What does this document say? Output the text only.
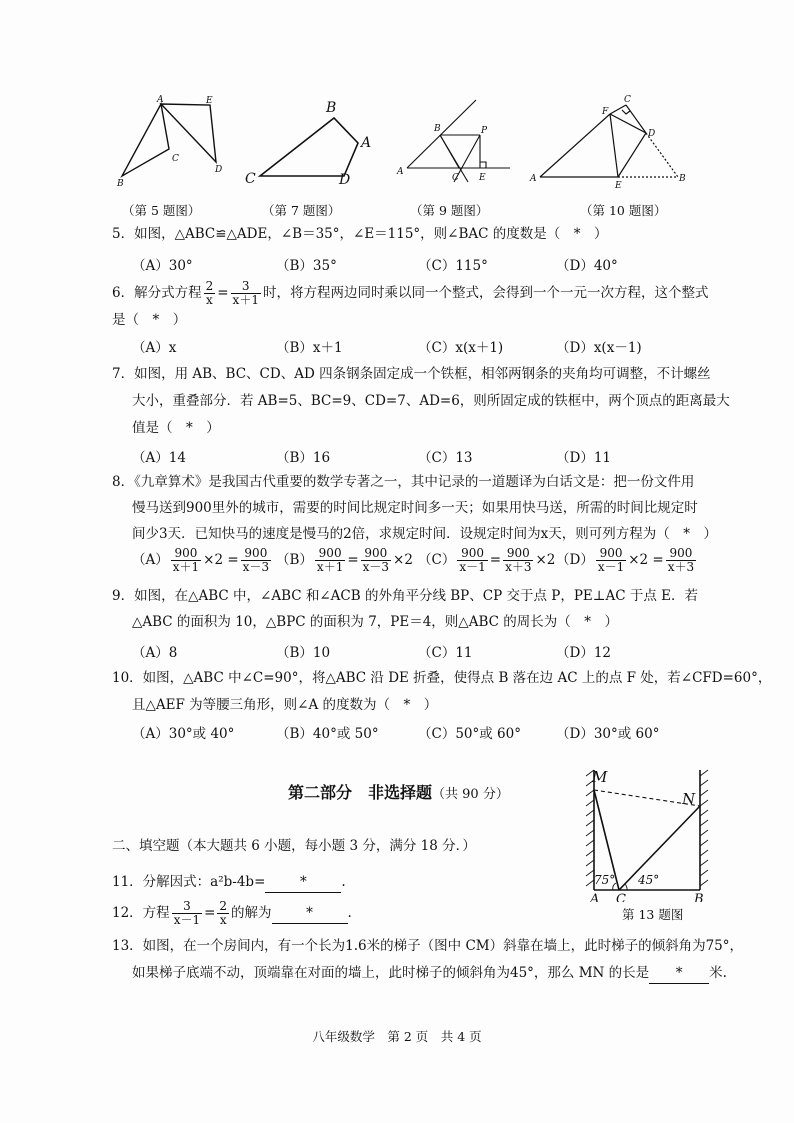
A	E
C
B
D
（第 5 题图）
B
A
C	D
（第 7 题图）
B	P
A
C E
（第 9 题图）
C
F
D
A
E
B
（第 10 题图）
5．如图，△ABC≌△ADE，∠B＝35°，∠E＝115°，则∠BAC 的度数是（　*　）
（A）30°	（B）35°	（C）115°	（D）40°
6．解分式方程 $\frac{2}{x} = \frac{3}{x+1}$ 时，将方程两边同时乘以同一个整式，会得到一个一元一次方程，这个整式
是（　*　）
（A）x	（B）x＋1	（C）x(x＋1)	（D）x(x－1)
7．如图，用 AB、BC、CD、AD 四条钢条固定成一个铁框，相邻两钢条的夹角均可调整，不计螺丝
大小，重叠部分．若 AB=5、BC=9、CD=7、AD=6，则所固定成的铁框中，两个顶点的距离最大
值是（　*　）
（A）14	（B）16	（C）13	（D）11
8．《九章算术》是我国古代重要的数学专著之一，其中记录的一道题译为白话文是：把一份文件用
慢马送到900里外的城市，需要的时间比规定时间多一天；如果用快马送，所需的时间比规定时
间少3天．已知快马的速度是慢马的2倍，求规定时间．设规定时间为x天，则可列方程为（　*　）
$(A) \frac{900}{x+1} \times 2 = \frac{900}{x-3} (B) \frac{900}{x+1} = \frac{900}{x-3} \times 2$ $(C) \frac{900}{x-1} = \frac{900}{x+3} \times 2$ $(D) \frac{900}{x-1} \times 2 = \frac{900}{x+3}$
9．如图，在△ABC 中，∠ABC 和∠ACB 的外角平分线 BP、CP 交于点 P，PE⊥AC 于点 E．若
△ABC 的面积为 10，△BPC 的面积为 7，PE＝4，则△ABC 的周长为（　*　）
（A）8	（B）10	（C）11	（D）12
10．如图，△ABC 中∠C=90°，将△ABC 沿 DE 折叠，使得点 B 落在边 AC 上的点 F 处，若∠CFD=60°，
且△AEF 为等腰三角形，则∠A 的度数为（　*　）
（A）30°或 40°	（B）40°或 50°	（C）50°或 60°	（D）30°或 60°
第二部分　非选择题（共 90 分）
二、填空题（本大题共 6 小题，每小题 3 分，满分 18 分．）
11．分解因式：a²b-4b=	*	.
12．方程 $\frac{3}{x-1} = \frac{2}{x}$ 的解为	*	.
M
N
75° 45°
A C	B
第 13 题图
13．如图，在一个房间内，有一个长为1.6米的梯子（图中 CM）斜靠在墙上，此时梯子的倾斜角为75°，
如果梯子底端不动，顶端靠在对面的墙上，此时梯子的倾斜角为45°，那么 MN 的长是 * 米.
八年级数学　第 2 页　共 4 页
